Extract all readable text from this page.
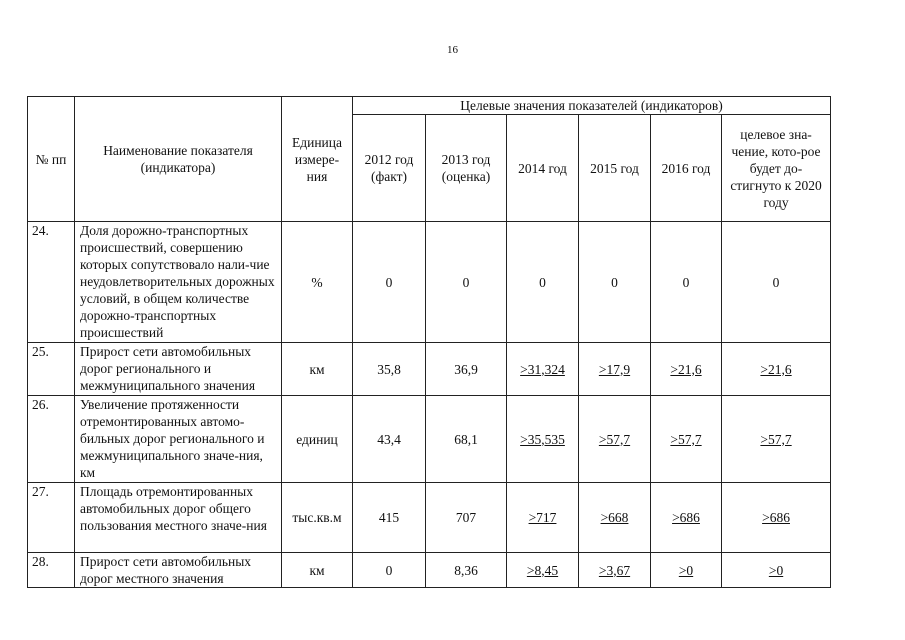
16
№ пп	Наименование показателя (индикатора)	Единица измере-ния	Целевые значения показателей (индикаторов)					
			2012 год (факт)	2013 год (оценка)	2014 год	2015 год	2016 год	целевое зна-чение, кото-рое будет до-стигнуто к 2020 году
24.	Доля дорожно-транспортных происшествий, совершению которых сопутствовало нали-чие неудовлетворительных дорожных условий, в общем количестве дорожно-транспортных происшествий	%	0	0	0	0	0	0
25.	Прирост сети автомобильных дорог регионального и межмуниципального значения	км	35,8	36,9	>31,324	>17,9	>21,6	>21,6
26.	Увеличение протяженности отремонтированных автомо-бильных дорог регионального и межмуниципального значе-ния, км	единиц	43,4	68,1	>35,535	>57,7	>57,7	>57,7
27.	Площадь отремонтированных автомобильных дорог общего пользования местного значе-ния	тыс.кв.м	415	707	>717	>668	>686	>686
28.	Прирост сети автомобильных дорог местного значения	км	0	8,36	>8,45	>3,67	>0	>0
